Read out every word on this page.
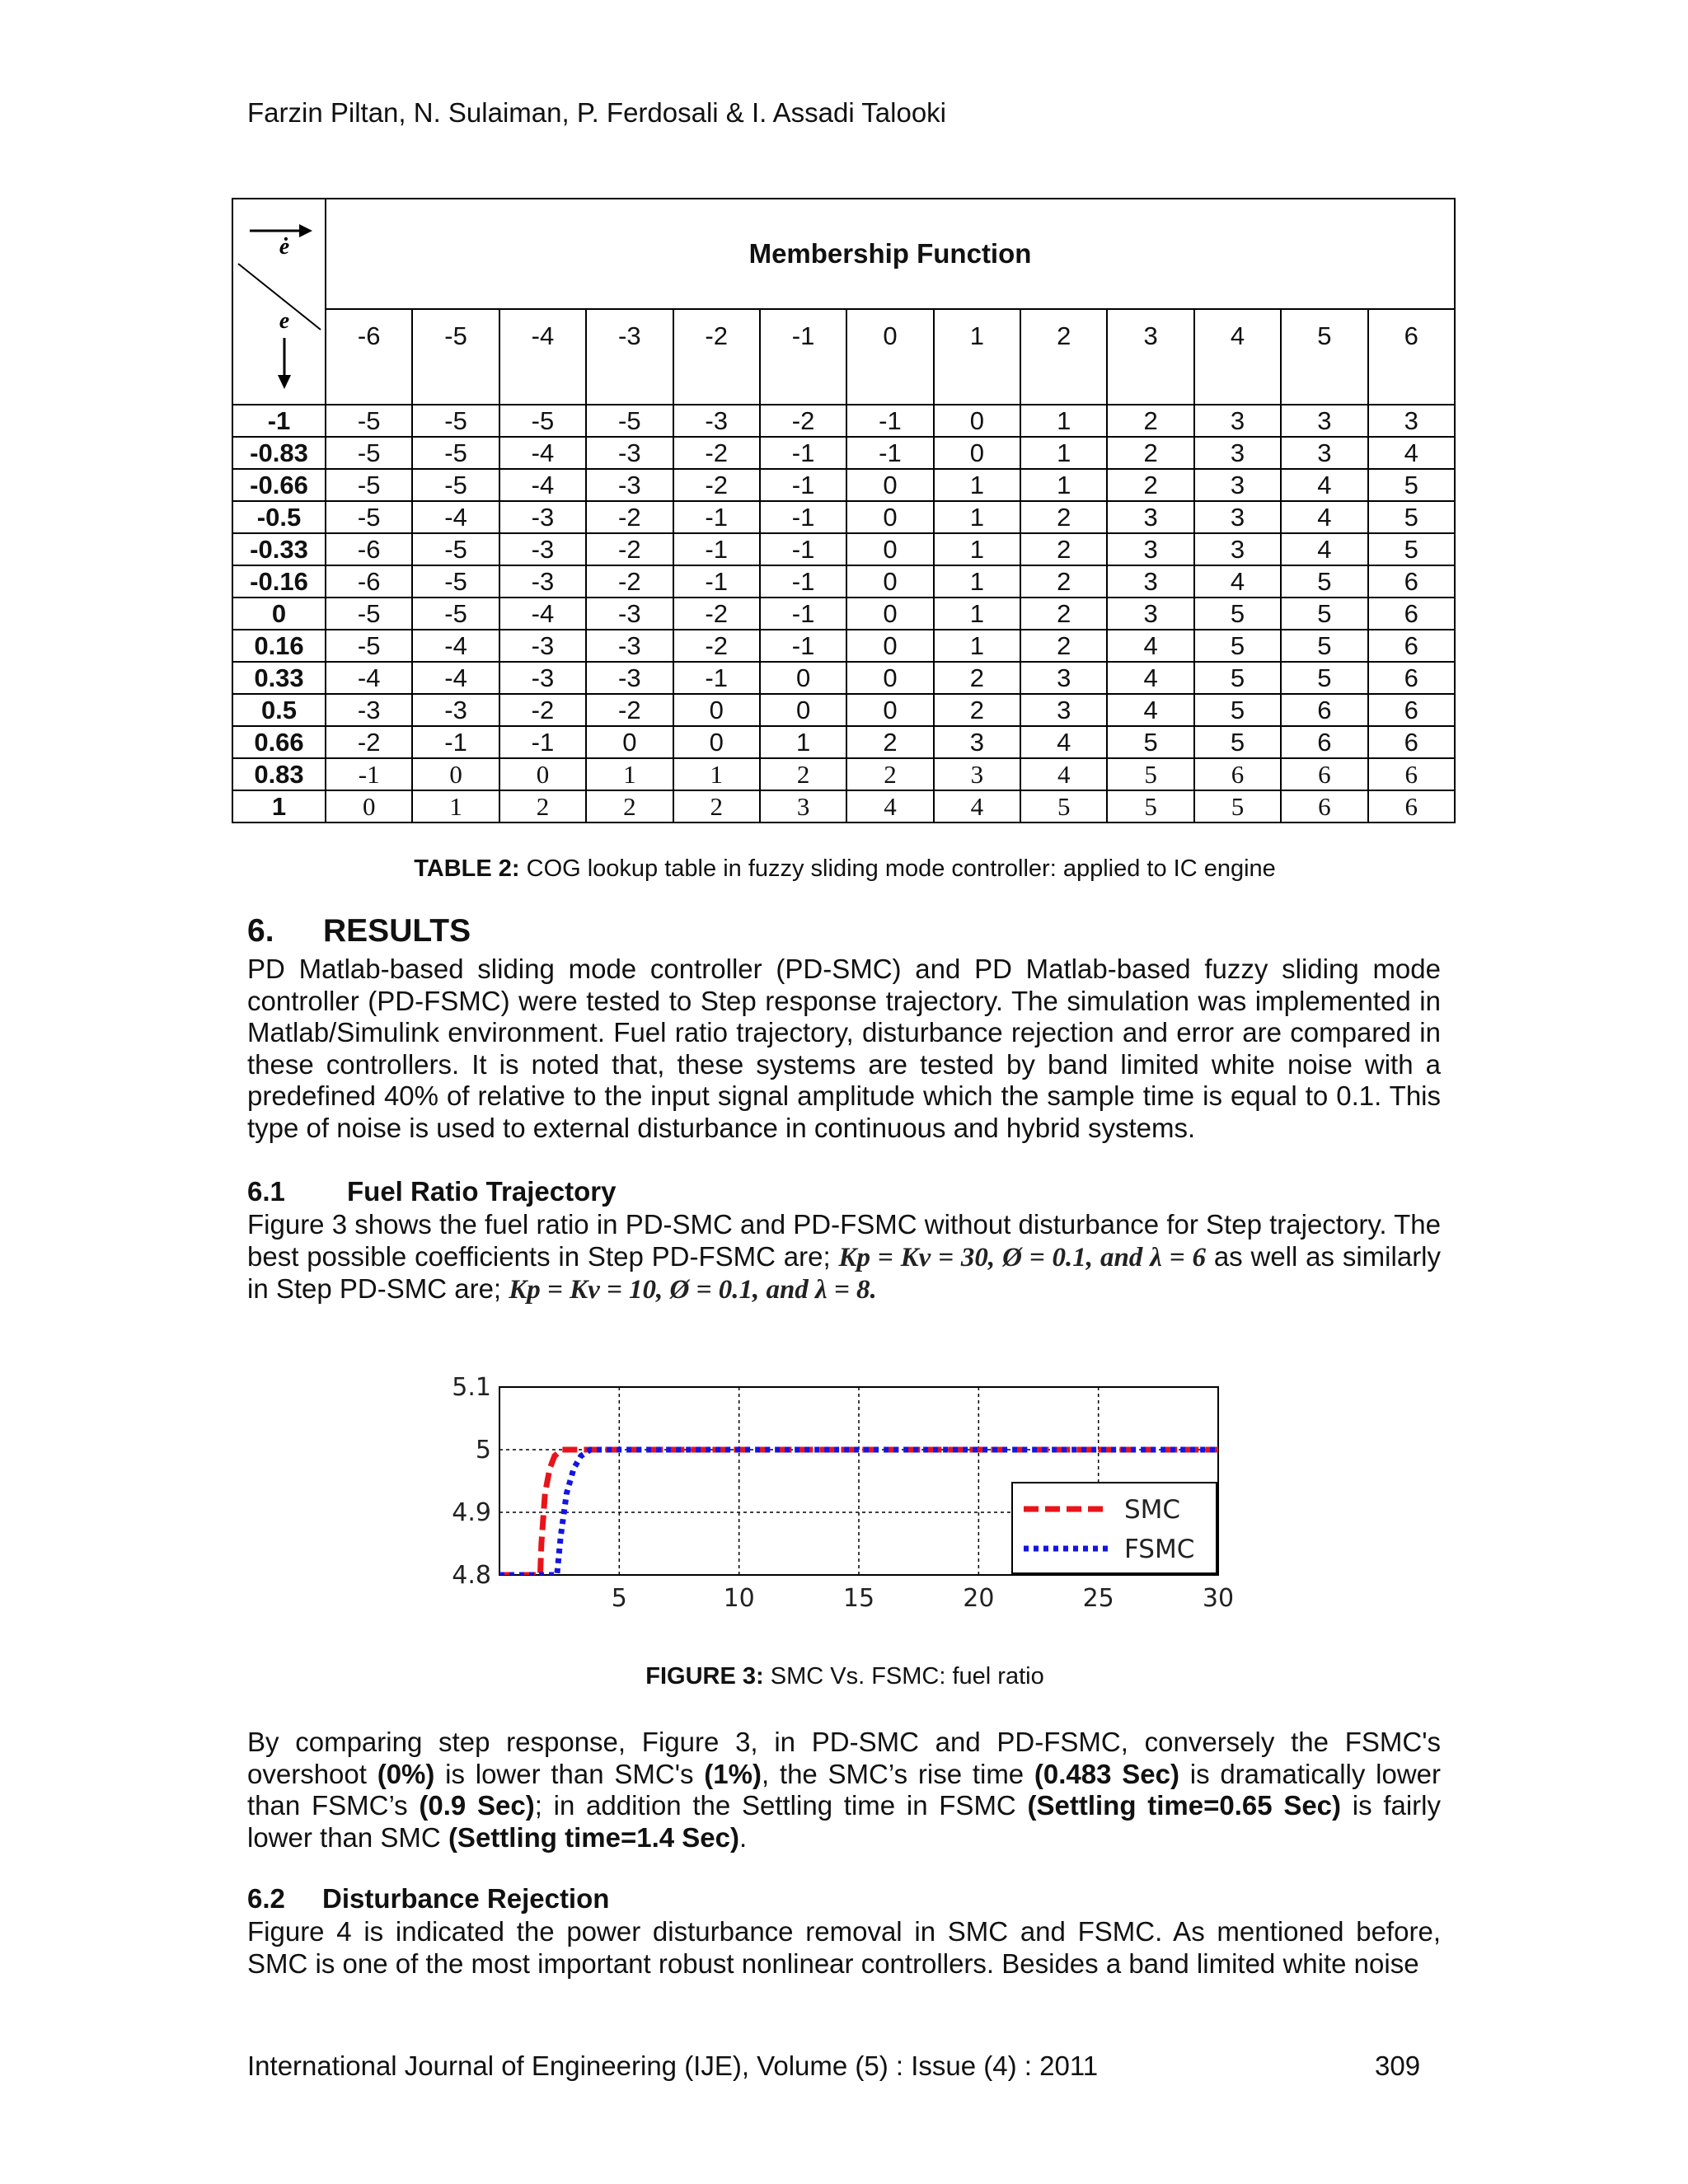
Farzin Piltan, N. Sulaiman, P. Ferdosali & I. Assadi Talooki
ė
e	Membership Function												
	-6	-5	-4	-3	-2	-1	0	1	2	3	4	5	6
-1	-5	-5	-5	-5	-3	-2	-1	0	1	2	3	3	3
-0.83	-5	-5	-4	-3	-2	-1	-1	0	1	2	3	3	4
-0.66	-5	-5	-4	-3	-2	-1	0	1	1	2	3	4	5
-0.5	-5	-4	-3	-2	-1	-1	0	1	2	3	3	4	5
-0.33	-6	-5	-3	-2	-1	-1	0	1	2	3	3	4	5
-0.16	-6	-5	-3	-2	-1	-1	0	1	2	3	4	5	6
0	-5	-5	-4	-3	-2	-1	0	1	2	3	5	5	6
0.16	-5	-4	-3	-3	-2	-1	0	1	2	4	5	5	6
0.33	-4	-4	-3	-3	-1	0	0	2	3	4	5	5	6
0.5	-3	-3	-2	-2	0	0	0	2	3	4	5	6	6
0.66	-2	-1	-1	0	0	1	2	3	4	5	5	6	6
0.83	-1	0	0	1	1	2	2	3	4	5	6	6	6
1	0	1	2	2	2	3	4	4	5	5	5	6	6
TABLE 2: COG lookup table in fuzzy sliding mode controller: applied to IC engine
6. RESULTS
PD Matlab-based sliding mode controller (PD-SMC) and PD Matlab-based fuzzy sliding mode controller (PD-FSMC) were tested to Step response trajectory. The simulation was implemented in Matlab/Simulink environment. Fuel ratio trajectory, disturbance rejection and error are compared in these controllers. It is noted that, these systems are tested by band limited white noise with a predefined 40% of relative to the input signal amplitude which the sample time is equal to 0.1. This type of noise is used to external disturbance in continuous and hybrid systems.
6.1 Fuel Ratio Trajectory
Figure 3 shows the fuel ratio in PD-SMC and PD-FSMC without disturbance for Step trajectory. The best possible coefficients in Step PD-FSMC are; Kp = Kv = 30, Ø = 0.1, and λ = 6 as well as similarly in Step PD-SMC are; Kp = Kv = 10, Ø = 0.1, and λ = 8.
5	10	15	20	25	30
4.8
4.9
5
5.1
SMC
FSMC
FIGURE 3: SMC Vs. FSMC: fuel ratio
By comparing step response, Figure 3, in PD-SMC and PD-FSMC, conversely the FSMC's overshoot (0%) is lower than SMC's (1%), the SMC’s rise time (0.483 Sec) is dramatically lower than FSMC’s (0.9 Sec); in addition the Settling time in FSMC (Settling time=0.65 Sec) is fairly lower than SMC (Settling time=1.4 Sec).
6.2 Disturbance Rejection
Figure 4 is indicated the power disturbance removal in SMC and FSMC. As mentioned before, SMC is one of the most important robust nonlinear controllers. Besides a band limited white noise
International Journal of Engineering (IJE), Volume (5) : Issue (4) : 2011	309
